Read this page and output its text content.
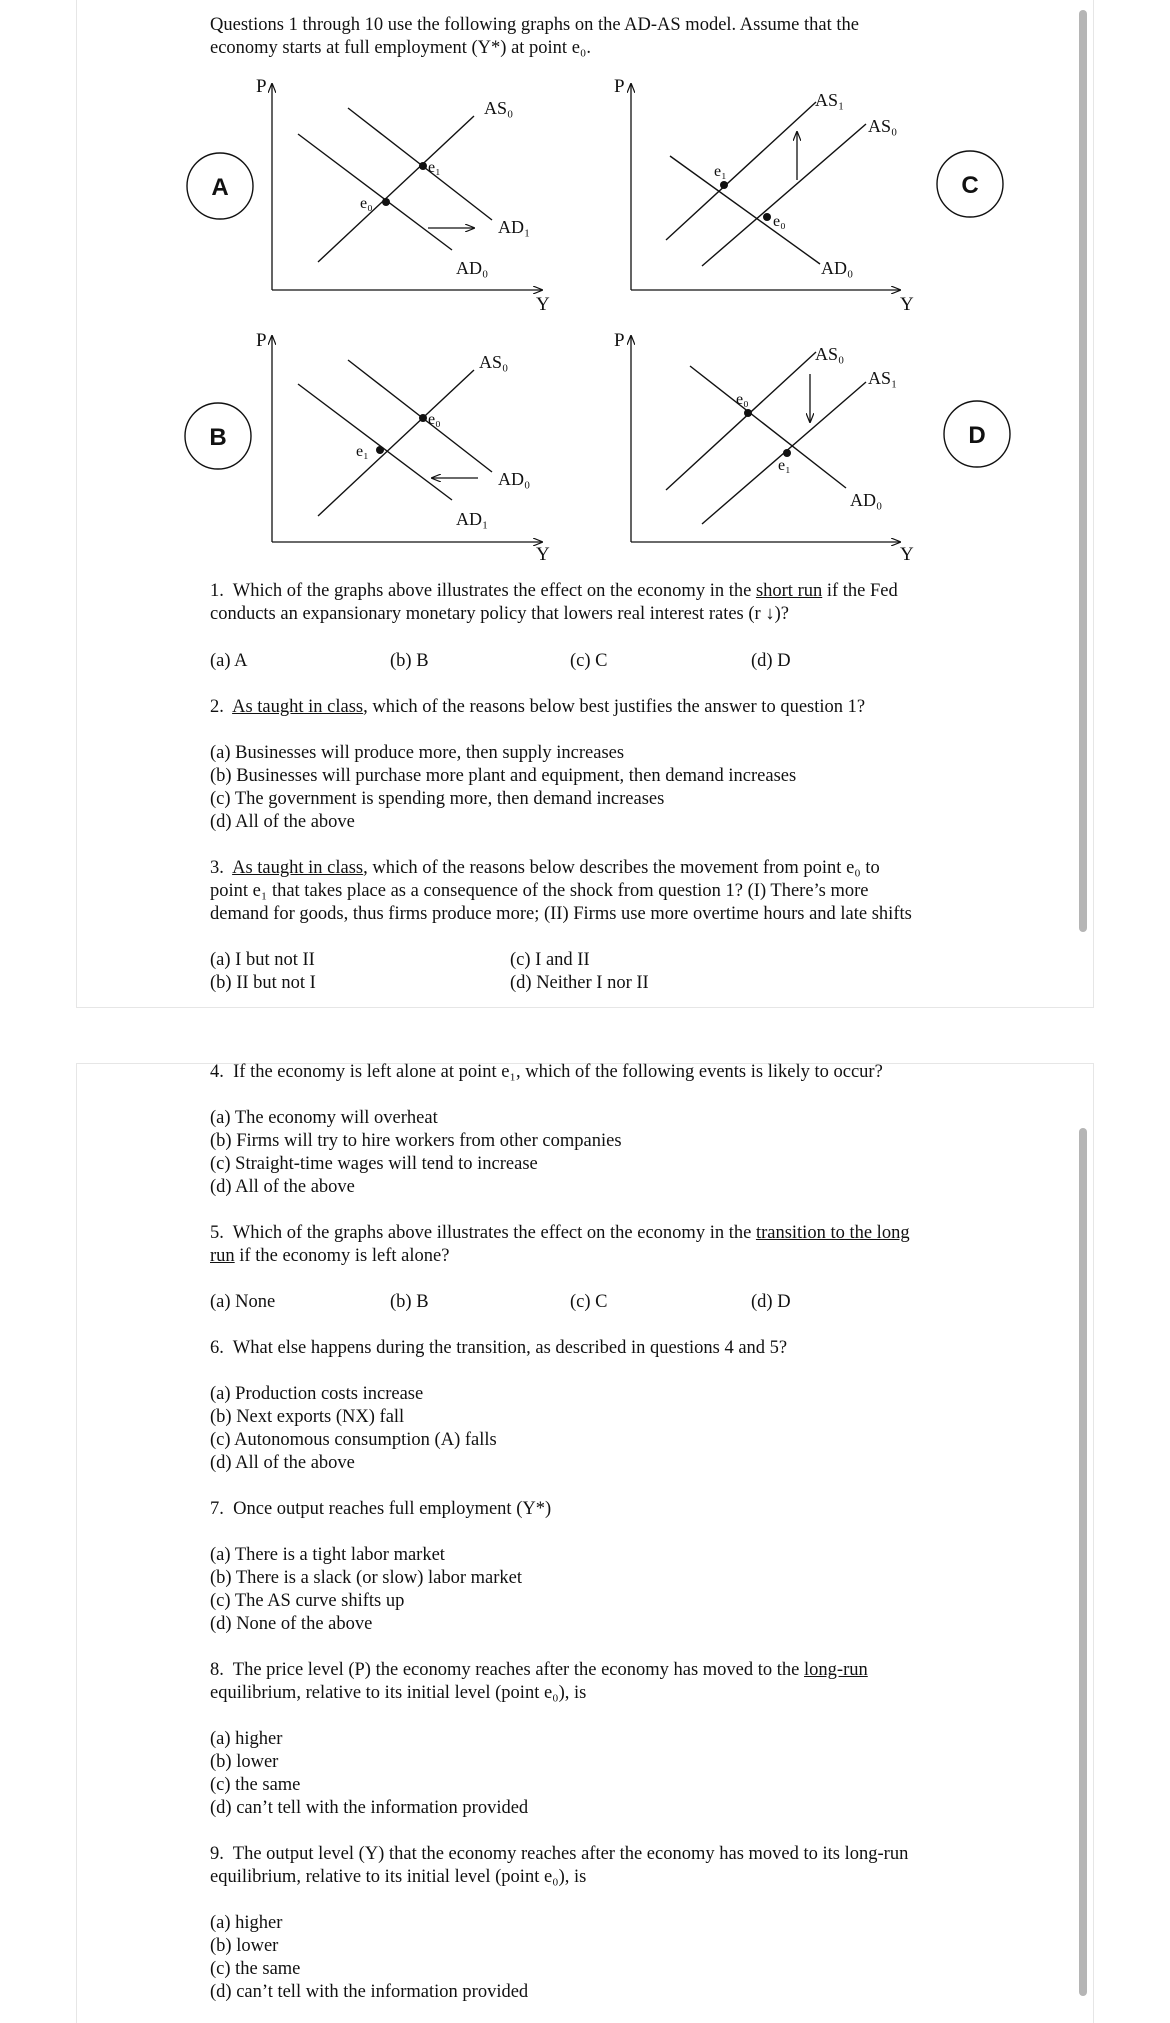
Questions 1 through 10 use the following graphs on the AD-AS model. Assume that the
economy starts at full employment (Y*) at point e₀.
P
Y
AS₀
AD₁
AD₀
e₀
e₁
A
P
Y
AS₁
AS₀
AD₀
e₁
e₀
C
P
Y
AS₀
AD₀
AD₁
e₀
e₁
B
P
Y
AS₀
AS₁
AD₀
e₀
e₁
D
1. Which of the graphs above illustrates the effect on the economy in the short run if the Fed
conducts an expansionary monetary policy that lowers real interest rates (r ↓)?
(a) A	(b) B	(c) C	(d) D
2. As taught in class, which of the reasons below best justifies the answer to question 1?
(a) Businesses will produce more, then supply increases
(b) Businesses will purchase more plant and equipment, then demand increases
(c) The government is spending more, then demand increases
(d) All of the above
3. As taught in class, which of the reasons below describes the movement from point e₀ to
point e₁ that takes place as a consequence of the shock from question 1? (I) There’s more
demand for goods, thus firms produce more; (II) Firms use more overtime hours and late shifts
(a) I but not II
(b) II but not I
(c) I and II
(d) Neither I nor II
4.  If the economy is left alone at point e₁, which of the following events is likely to occur?
(a) The economy will overheat
(b) Firms will try to hire workers from other companies
(c) Straight-time wages will tend to increase
(d) All of the above
5.  Which of the graphs above illustrates the effect on the economy in the transition to the long
run if the economy is left alone?
(a) None	(b) B	(c) C	(d) D
6.  What else happens during the transition, as described in questions 4 and 5?
(a) Production costs increase
(b) Next exports (NX) fall
(c) Autonomous consumption (A) falls
(d) All of the above
7.  Once output reaches full employment (Y*)
(a) There is a tight labor market
(b) There is a slack (or slow) labor market
(c) The AS curve shifts up
(d) None of the above
8.  The price level (P) the economy reaches after the economy has moved to the long-run
equilibrium, relative to its initial level (point e₀), is
(a) higher
(b) lower
(c) the same
(d) can’t tell with the information provided
9.  The output level (Y) that the economy reaches after the economy has moved to its long-run
equilibrium, relative to its initial level (point e₀), is
(a) higher
(b) lower
(c) the same
(d) can’t tell with the information provided
